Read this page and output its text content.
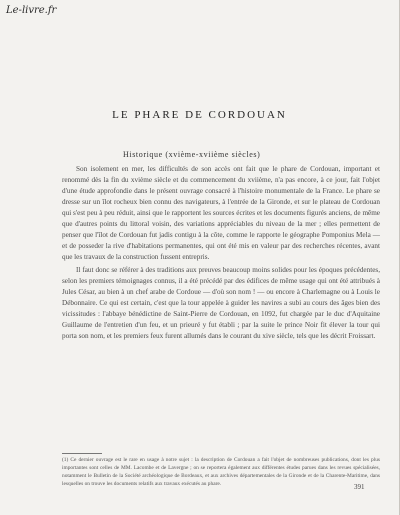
Le-livre.fr
LE PHARE DE CORDOUAN
Historique (xvième-xviième siècles)

Son isolement en mer, les difficultés de son accès ont fait que le phare de Cordouan, important et renommé dès la fin du xvième siècle et du commencement du xviième, n'a pas encore, à ce jour, fait l'objet d'une étude approfondie dans le présent ouvrage consacré à l'histoire monumentale de la France. Le phare se dresse sur un îlot rocheux bien connu des navigateurs, à l'entrée de la Gironde, et sur le plateau de Cordouan qui s'est peu à peu réduit, ainsi que le rapportent les sources écrites et les documents figurés anciens, de même que d'autres points du littoral voisin, des variations appréciables du niveau de la mer ; elles permettent de penser que l'îlot de Cordouan fut jadis contigu à la côte, comme le rapporte le géographe Pomponius Mela — et de posseder la rive d'habitations permanentes, qui ont été mis en valeur par des recherches récentes, avant que les travaux de la construction fussent entrepris.

Il faut donc se référer à des traditions aux preuves beaucoup moins solides pour les époques précédentes, selon les premiers témoignages connus, il a été précédé par des édifices de même usage qui ont été attribués à Jules César, au bien à un chef arabe de Cordoue — d'où son nom ! — ou encore à Charlemagne ou à Louis le Débonnaire. Ce qui est certain, c'est que la tour appelée à guider les navires a subi au cours des âges bien des vicissitudes : l'abbaye bénédictine de Saint-Pierre de Cordouan, en 1092, fut chargée par le duc d'Aquitaine Guillaume de l'entretien d'un feu, et un prieuré y fut établi ; par la suite le prince Noir fit élever la tour qui porta son nom, et les premiers feux furent allumés dans le courant du xive siècle, tels que les décrit Froissart.

(1) Ce dernier ouvrage est le rare en usage à notre sujet : la description de Cordouan a fait l'objet de nombreuses publications, dont les plus importantes sont celles de MM. Lacombe et de Lavergne ; on se reportera également aux différentes études parues dans les revues spécialisées, notamment le Bulletin de la Société archéologique de Bordeaux, et aux archives départementales de la Gironde et de la Charente-Maritime, dans lesquelles on trouve les documents relatifs aux travaux exécutés au phare.	391
